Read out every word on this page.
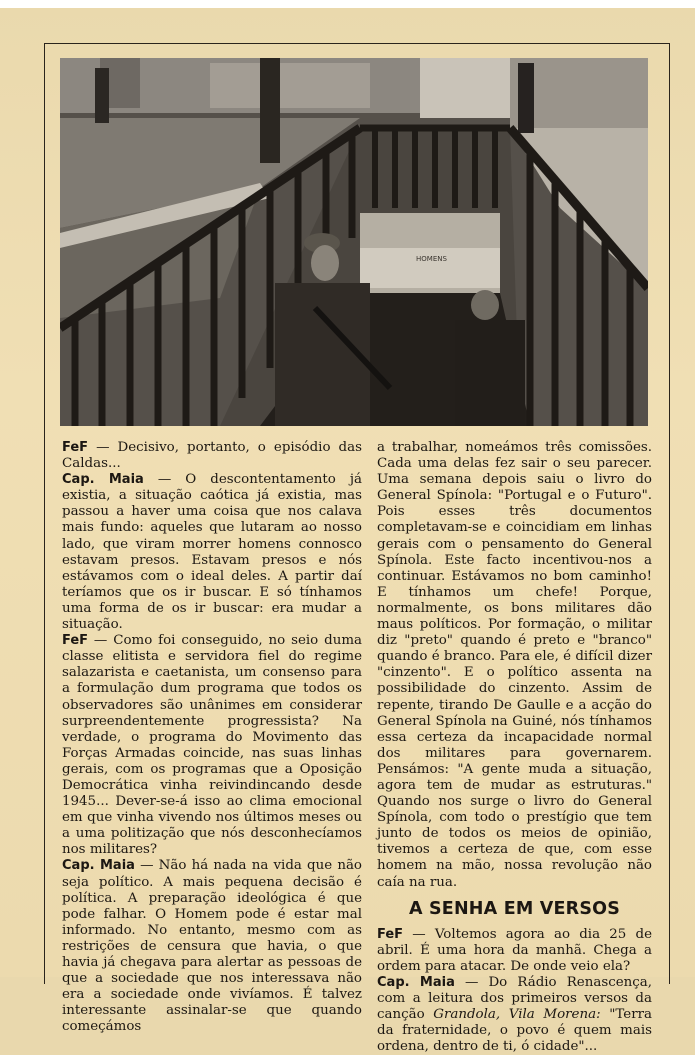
HOMENS

FeF — Decisivo, portanto, o episódio das Caldas...

Cap. Maia — O descontentamento já existia, a situação caótica já existia, mas passou a haver uma coisa que nos calava mais fundo: aqueles que lutaram ao nosso lado, que viram morrer homens connosco estavam presos. Estavam presos e nós estávamos com o ideal deles. A partir daí teríamos que os ir buscar. E só tínhamos uma forma de os ir buscar: era mudar a situação.

FeF — Como foi conseguido, no seio duma classe elitista e servidora fiel do regime salazarista e caetanista, um consenso para a formulação dum programa que todos os observadores são unânimes em considerar surpreendentemente progressista? Na verdade, o programa do Movimento das Forças Armadas coincide, nas suas linhas gerais, com os programas que a Oposição Democrática vinha reivindincando desde 1945... Dever-se-á isso ao clima emocional em que vinha vivendo nos últimos meses ou a uma politização que nós desconhecíamos nos militares?

Cap. Maia — Não há nada na vida que não seja político. A mais pequena decisão é política. A preparação ideológica é que pode falhar. O Homem pode é estar mal informado. No entanto, mesmo com as restrições de censura que havia, o que havia já chegava para alertar as pessoas de que a sociedade que nos interessava não era a sociedade onde vivíamos. É talvez interessante assinalar-se que quando começámos

a trabalhar, nomeámos três comissões. Cada uma delas fez sair o seu parecer. Uma semana depois saiu o livro do General Spínola: "Portugal e o Futuro". Pois esses três documentos completavam-se e coincidiam em linhas gerais com o pensamento do General Spínola. Este facto incentivou-nos a continuar. Estávamos no bom caminho! E tínhamos um chefe! Porque, normalmente, os bons militares dão maus políticos. Por formação, o militar diz "preto" quando é preto e "branco" quando é branco. Para ele, é difícil dizer "cinzento". E o político assenta na possibilidade do cinzento. Assim de repente, tirando De Gaulle e a acção do General Spínola na Guiné, nós tínhamos essa certeza da incapacidade normal dos militares para governarem. Pensámos: "A gente muda a situação, agora tem de mudar as estruturas." Quando nos surge o livro do General Spínola, com todo o prestígio que tem junto de todos os meios de opinião, tivemos a certeza de que, com esse homem na mão, nossa revolução não caía na rua.

A SENHA EM VERSOS

FeF — Voltemos agora ao dia 25 de abril. É uma hora da manhã. Chega a ordem para atacar. De onde veio ela?

Cap. Maia — Do Rádio Renascença, com a leitura dos primeiros versos da canção Grandola, Vila Morena: "Terra da fraternidade, o povo é quem mais ordena, dentro de ti, ó cidade"...
